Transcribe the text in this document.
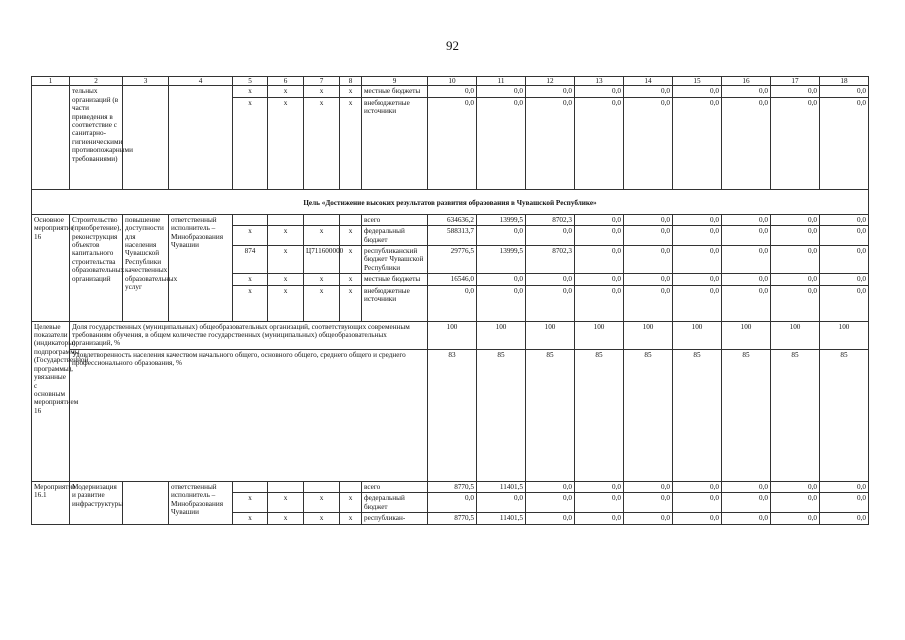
92
1	2	3	4	5	6	7	8	9	10	11	12	13	14	15	16	17	18
	тельных организаций (в части приведения в соответствие с санитарно-гигиеническими противопожарными требованиями)			x	x	x	x	местные бюджеты	0,0	0,0	0,0	0,0	0,0	0,0	0,0	0,0	0,0
				x	x	x	x	внебюджетные источники	0,0	0,0	0,0	0,0	0,0	0,0	0,0	0,0	0,0
Цель «Достижение высоких результатов развития образования в Чувашской Республике»																	
Основное мероприятие 16	Строительство (приобретение), реконструкция объектов капитального строительства образовательных организаций	повышение доступности для населения Чувашской Республики качественных образовательных услуг	ответственный исполнитель – Минобразования Чувашии					всего	634636,2	13999,5	8702,3	0,0	0,0	0,0	0,0	0,0	0,0
				x	x	x	x	федеральный бюджет	588313,7	0,0	0,0	0,0	0,0	0,0	0,0	0,0	0,0
				874	x	Ц711600000	x	республиканский бюджет Чувашской Республики	29776,5	13999,5	8702,3	0,0	0,0	0,0	0,0	0,0	0,0
				x	x	x	x	местные бюджеты	16546,0	0,0	0,0	0,0	0,0	0,0	0,0	0,0	0,0
				x	x	x	x	внебюджетные источники	0,0	0,0	0,0	0,0	0,0	0,0	0,0	0,0	0,0
Целевые показатели (индикаторы) подпрограммы (Государственной программы), увязанные с основным мероприятием 16	Доля государственных (муниципальных) общеобразовательных организаций, соответствующих современным требованиям обучения, в общем количестве государственных (муниципальных) общеобразовательных организаций, %								100	100	100	100	100	100	100	100	100
	Удовлетворенность населения качеством начального общего, основного общего, среднего общего и среднего профессионального образования, %								83	85	85	85	85	85	85	85	85
Мероприятие 16.1	Модернизация и развитие инфраструктуры		ответственный исполнитель – Минобразования Чувашии					всего	8770,5	11401,5	0,0	0,0	0,0	0,0	0,0	0,0	0,0
				x	x	x	x	федеральный бюджет	0,0	0,0	0,0	0,0	0,0	0,0	0,0	0,0	0,0
				x	x	x	x	республикан-	8770,5	11401,5	0,0	0,0	0,0	0,0	0,0	0,0	0,0
